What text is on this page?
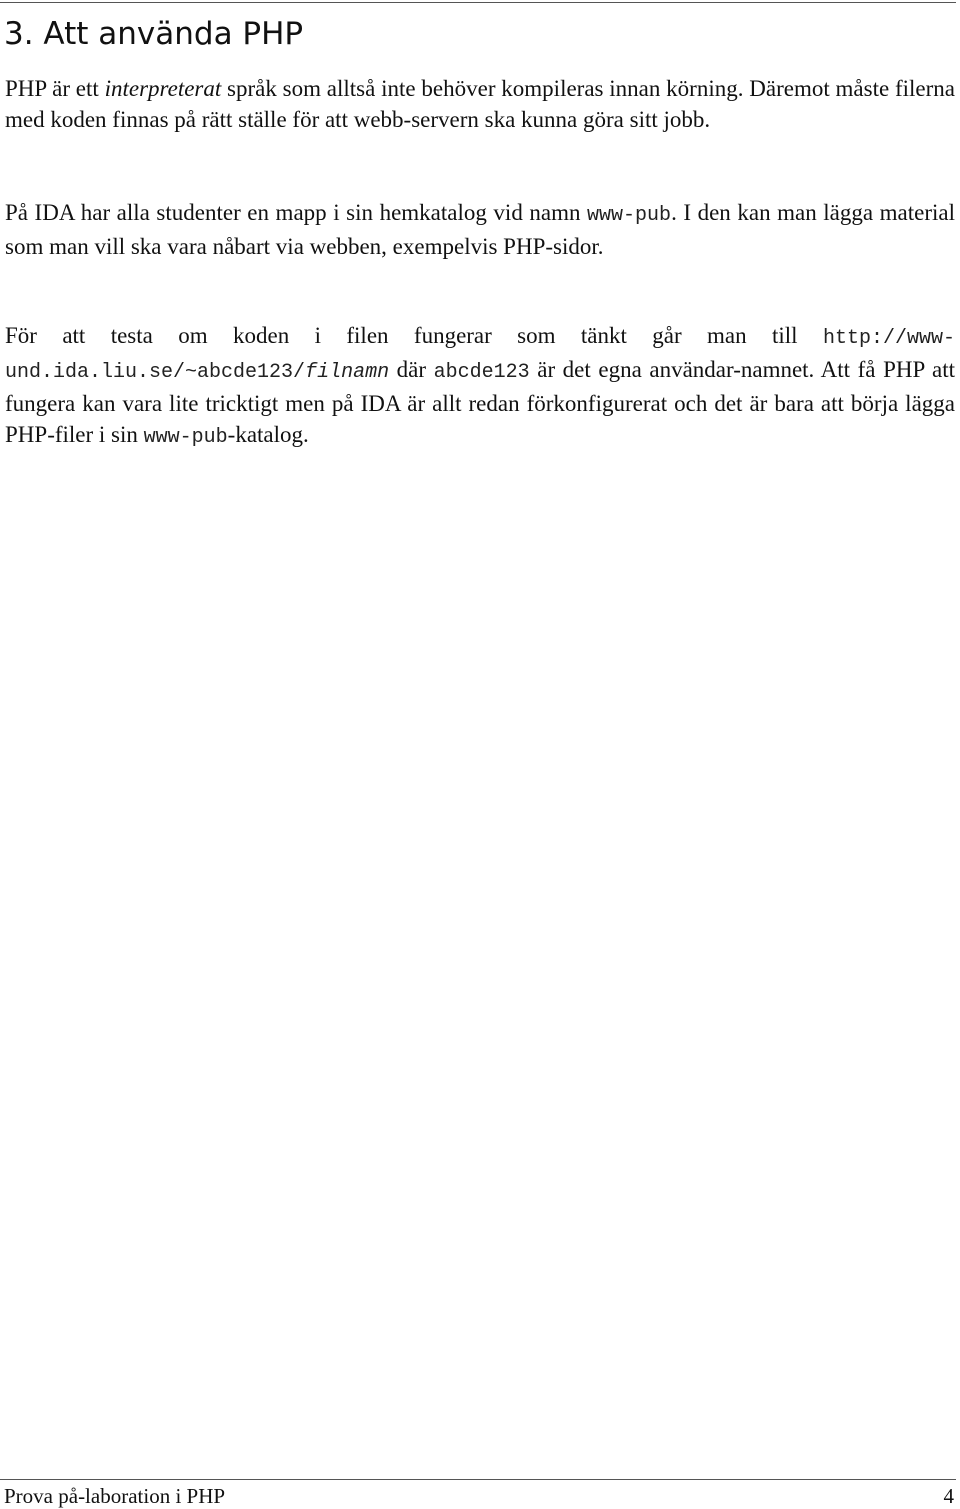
3. Att använda PHP

PHP är ett interpreterat språk som alltså inte behöver kompileras innan körning. Däremot måste filerna med koden finnas på rätt ställe för att webb-servern ska kunna göra sitt jobb.

På IDA har alla studenter en mapp i sin hemkatalog vid namn www-pub. I den kan man lägga material som man vill ska vara nåbart via webben, exempelvis PHP-sidor.

För att testa om koden i filen fungerar som tänkt går man till http://www-und.ida.liu.se/~abcde123/filnamn där abcde123 är det egna användar-namnet. Att få PHP att fungera kan vara lite tricktigt men på IDA är allt redan förkonfigurerat och det är bara att börja lägga PHP-filer i sin www-pub-katalog.

Prova på-laboration i PHP	4
